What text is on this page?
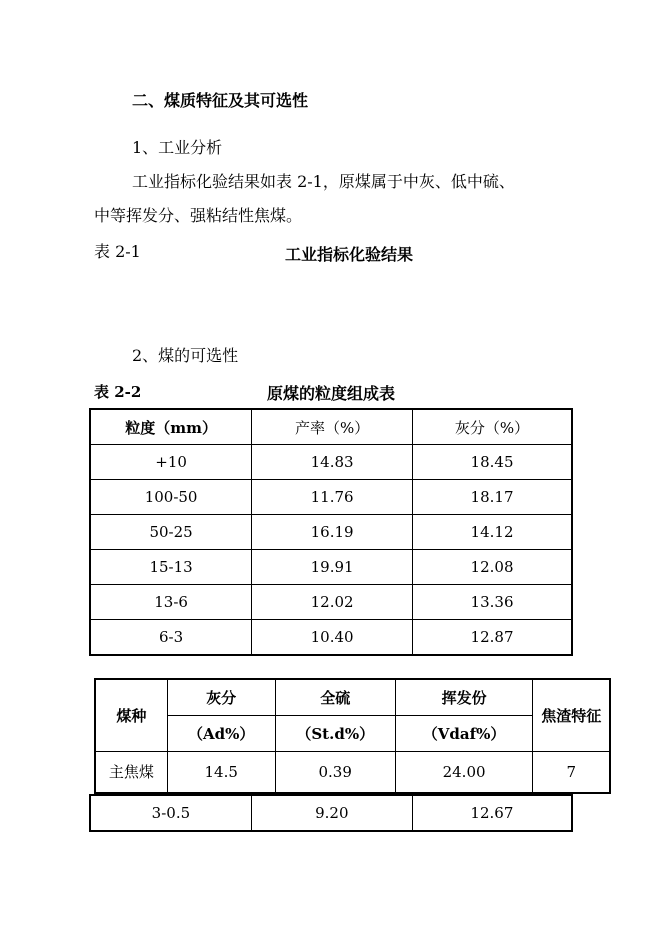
二、煤质特征及其可选性
1、工业分析
工业指标化验结果如表 2-1，原煤属于中灰、低中硫、
中等挥发分、强粘结性焦煤。
表 2-1	工业指标化验结果
2、煤的可选性
表 2-2	原煤的粒度组成表
粒度（mm）	产率（%）	灰分（%）
+10	14.83	18.45
100-50	11.76	18.17
50-25	16.19	14.12
15-13	19.91	12.08
13-6	12.02	13.36
6-3	10.40	12.87
煤种	灰分	全硫	挥发份	焦渣特征
	（Ad%）	（St.d%）	（Vdaf%）	
主焦煤	14.5	0.39	24.00	7
3-0.5	9.20	12.67
